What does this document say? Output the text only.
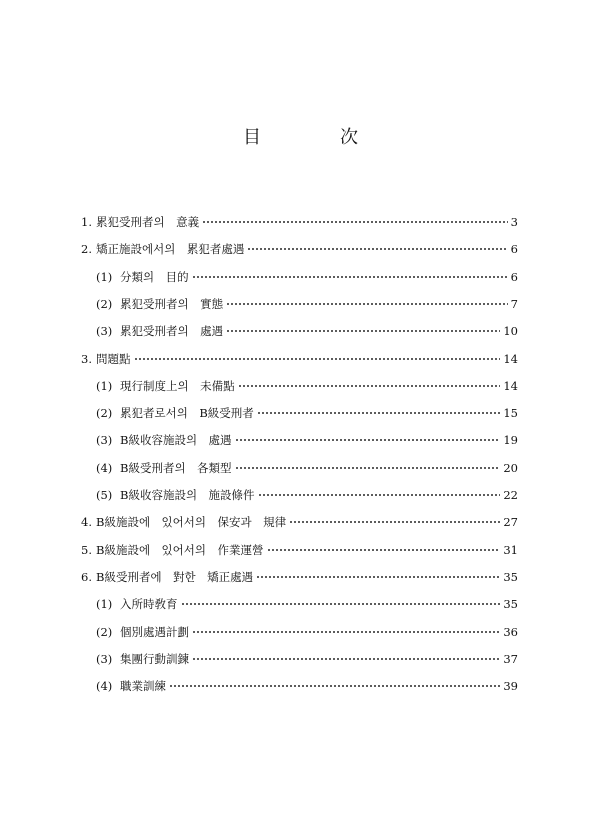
目	次
1. 累犯受刑者의　意義	3
2. 矯正施設에서의　累犯者處遇	6
(1) 分類의　目的	6
(2) 累犯受刑者의　實態	7
(3) 累犯受刑者의　處遇	10
3. 問題點	14
(1) 現行制度上의　未備點	14
(2) 累犯者로서의　B級受刑者	15
(3) B級收容施設의　處遇	19
(4) B級受刑者의　各類型	20
(5) B級收容施設의　施設條件	22
4. B級施設에　있어서의　保安과　規律	27
5. B級施設에　있어서의　作業運營	31
6. B級受刑者에　對한　矯正處遇	35
(1) 入所時敎育	35
(2) 個別處遇計劃	36
(3) 集團行動訓鍊	37
(4) 職業訓練	39
